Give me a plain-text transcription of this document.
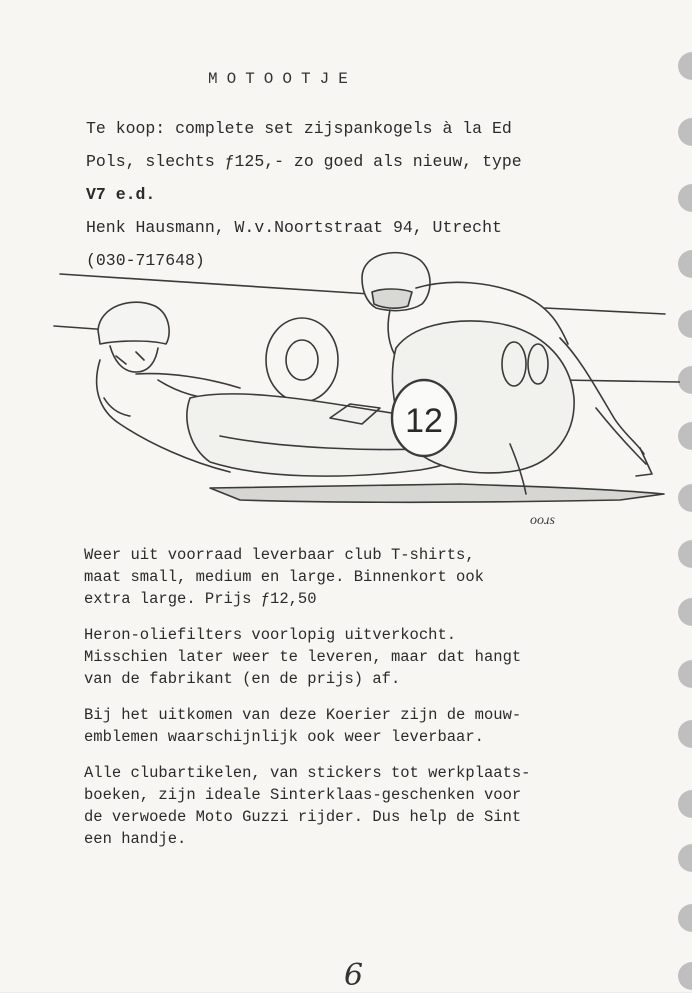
MOTOOTJE
Te koop: complete set zijspankogels à la Ed
Pols, slechts ƒ125,- zo goed als nieuw, type
V7 e.d.
Henk Hausmann, W.v.Noortstraat 94, Utrecht
(030-717648)
12
ooɹs
Weer uit voorraad leverbaar club T-shirts,
maat small, medium en large. Binnenkort ook
extra large. Prijs ƒ12,50
Heron-oliefilters voorlopig uitverkocht.
Misschien later weer te leveren, maar dat hangt
van de fabrikant (en de prijs) af.
Bij het uitkomen van deze Koerier zijn de mouw-
emblemen waarschijnlijk ook weer leverbaar.
Alle clubartikelen, van stickers tot werkplaats-
boeken, zijn ideale Sinterklaas-geschenken voor
de verwoede Moto Guzzi rijder. Dus help de Sint
een handje.
6
